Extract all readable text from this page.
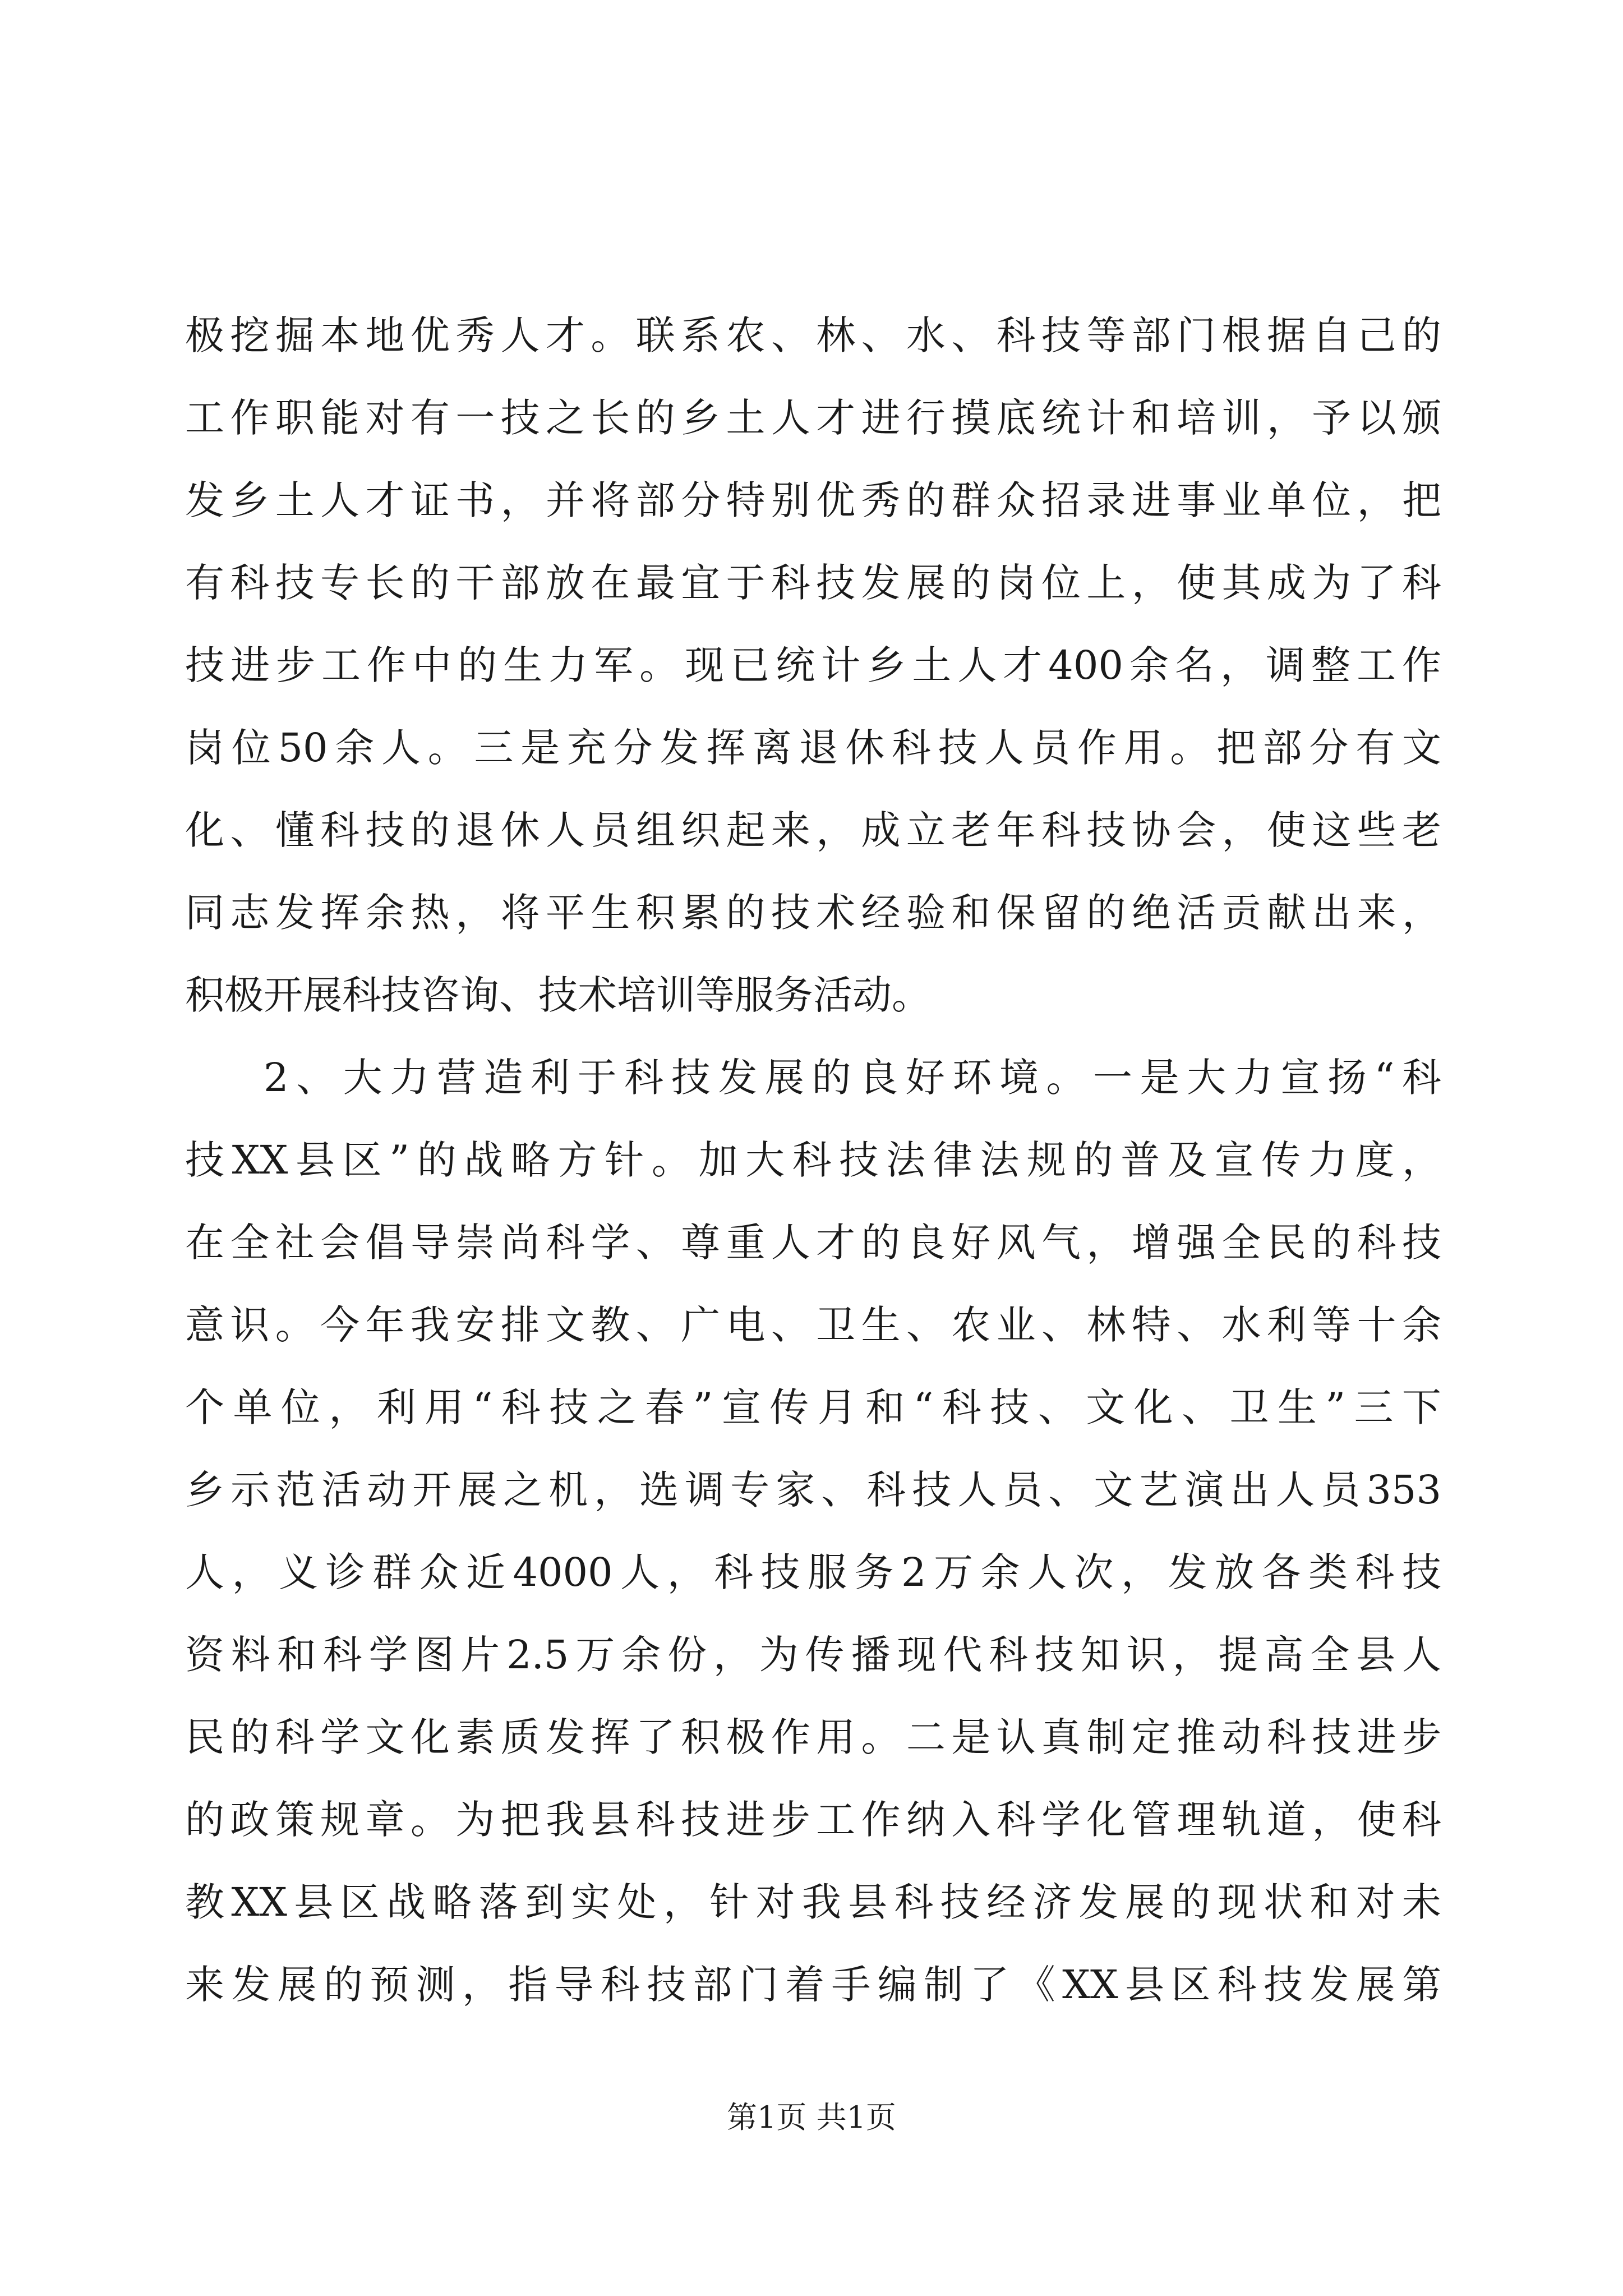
极挖掘本地优秀人才。联系农、林、水、科技等部门根据自己的
工作职能对有一技之长的乡土人才进行摸底统计和培训，予以颁
发乡土人才证书，并将部分特别优秀的群众招录进事业单位，把
有科技专长的干部放在最宜于科技发展的岗位上，使其成为了科
技进步工作中的生力军。现已统计乡土人才400余名，调整工作
岗位50余人。三是充分发挥离退休科技人员作用。把部分有文
化、懂科技的退休人员组织起来，成立老年科技协会，使这些老
同志发挥余热，将平生积累的技术经验和保留的绝活贡献出来，
积极开展科技咨询、技术培训等服务活动。
2、大力营造利于科技发展的良好环境。一是大力宣扬“科
技XX县区”的战略方针。加大科技法律法规的普及宣传力度，
在全社会倡导崇尚科学、尊重人才的良好风气，增强全民的科技
意识。今年我安排文教、广电、卫生、农业、林特、水利等十余
个单位，利用“科技之春”宣传月和“科技、文化、卫生”三下
乡示范活动开展之机，选调专家、科技人员、文艺演出人员353
人，义诊群众近4000人，科技服务2万余人次，发放各类科技
资料和科学图片2.5万余份，为传播现代科技知识，提高全县人
民的科学文化素质发挥了积极作用。二是认真制定推动科技进步
的政策规章。为把我县科技进步工作纳入科学化管理轨道，使科
教XX县区战略落到实处，针对我县科技经济发展的现状和对未
来发展的预测，指导科技部门着手编制了《XX县区科技发展第
第1页 共1页
